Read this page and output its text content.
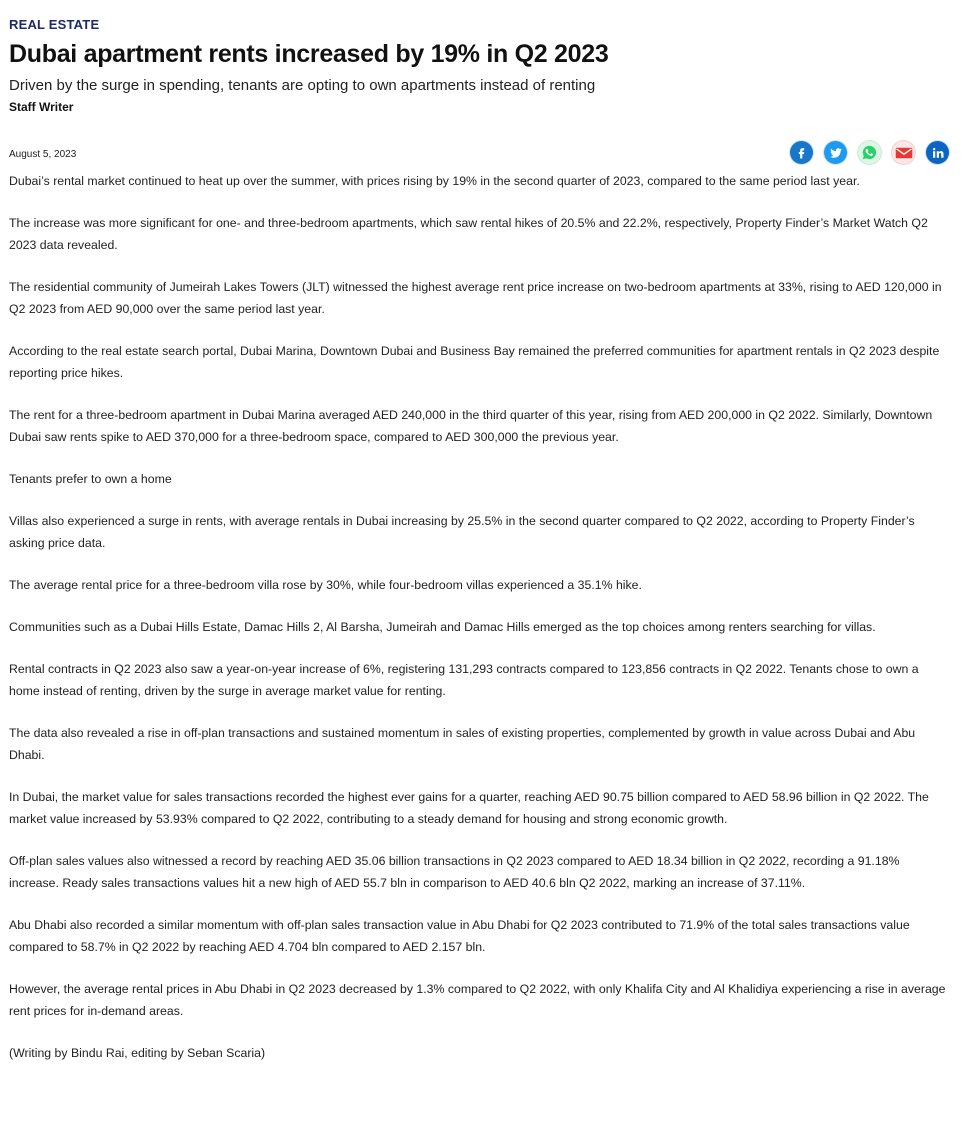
REAL ESTATE
Dubai apartment rents increased by 19% in Q2 2023

Driven by the surge in spending, tenants are opting to own apartments instead of renting

Staff Writer

August 5, 2023

Dubai’s rental market continued to heat up over the summer, with prices rising by 19% in the second quarter of 2023, compared to the same period last year.

The increase was more significant for one- and three-bedroom apartments, which saw rental hikes of 20.5% and 22.2%, respectively, Property Finder’s Market Watch Q2 2023 data revealed.

The residential community of Jumeirah Lakes Towers (JLT) witnessed the highest average rent price increase on two-bedroom apartments at 33%, rising to AED 120,000 in Q2 2023 from AED 90,000 over the same period last year.

According to the real estate search portal, Dubai Marina, Downtown Dubai and Business Bay remained the preferred communities for apartment rentals in Q2 2023 despite reporting price hikes.

The rent for a three-bedroom apartment in Dubai Marina averaged AED 240,000 in the third quarter of this year, rising from AED 200,000 in Q2 2022. Similarly, Downtown Dubai saw rents spike to AED 370,000 for a three-bedroom space, compared to AED 300,000 the previous year.

Tenants prefer to own a home

Villas also experienced a surge in rents, with average rentals in Dubai increasing by 25.5% in the second quarter compared to Q2 2022, according to Property Finder’s asking price data.

The average rental price for a three-bedroom villa rose by 30%, while four-bedroom villas experienced a 35.1% hike.

Communities such as a Dubai Hills Estate, Damac Hills 2, Al Barsha, Jumeirah and Damac Hills emerged as the top choices among renters searching for villas.

Rental contracts in Q2 2023 also saw a year-on-year increase of 6%, registering 131,293 contracts compared to 123,856 contracts in Q2 2022. Tenants chose to own a home instead of renting, driven by the surge in average market value for renting.

The data also revealed a rise in off-plan transactions and sustained momentum in sales of existing properties, complemented by growth in value across Dubai and Abu Dhabi.

In Dubai, the market value for sales transactions recorded the highest ever gains for a quarter, reaching AED 90.75 billion compared to AED 58.96 billion in Q2 2022. The market value increased by 53.93% compared to Q2 2022, contributing to a steady demand for housing and strong economic growth.

Off-plan sales values also witnessed a record by reaching AED 35.06 billion transactions in Q2 2023 compared to AED 18.34 billion in Q2 2022, recording a 91.18% increase. Ready sales transactions values hit a new high of AED 55.7 bln in comparison to AED 40.6 bln Q2 2022, marking an increase of 37.11%.

Abu Dhabi also recorded a similar momentum with off-plan sales transaction value in Abu Dhabi for Q2 2023 contributed to 71.9% of the total sales transactions value compared to 58.7% in Q2 2022 by reaching AED 4.704 bln compared to AED 2.157 bln.

However, the average rental prices in Abu Dhabi in Q2 2023 decreased by 1.3% compared to Q2 2022, with only Khalifa City and Al Khalidiya experiencing a rise in average rent prices for in-demand areas.

(Writing by Bindu Rai, editing by Seban Scaria)
